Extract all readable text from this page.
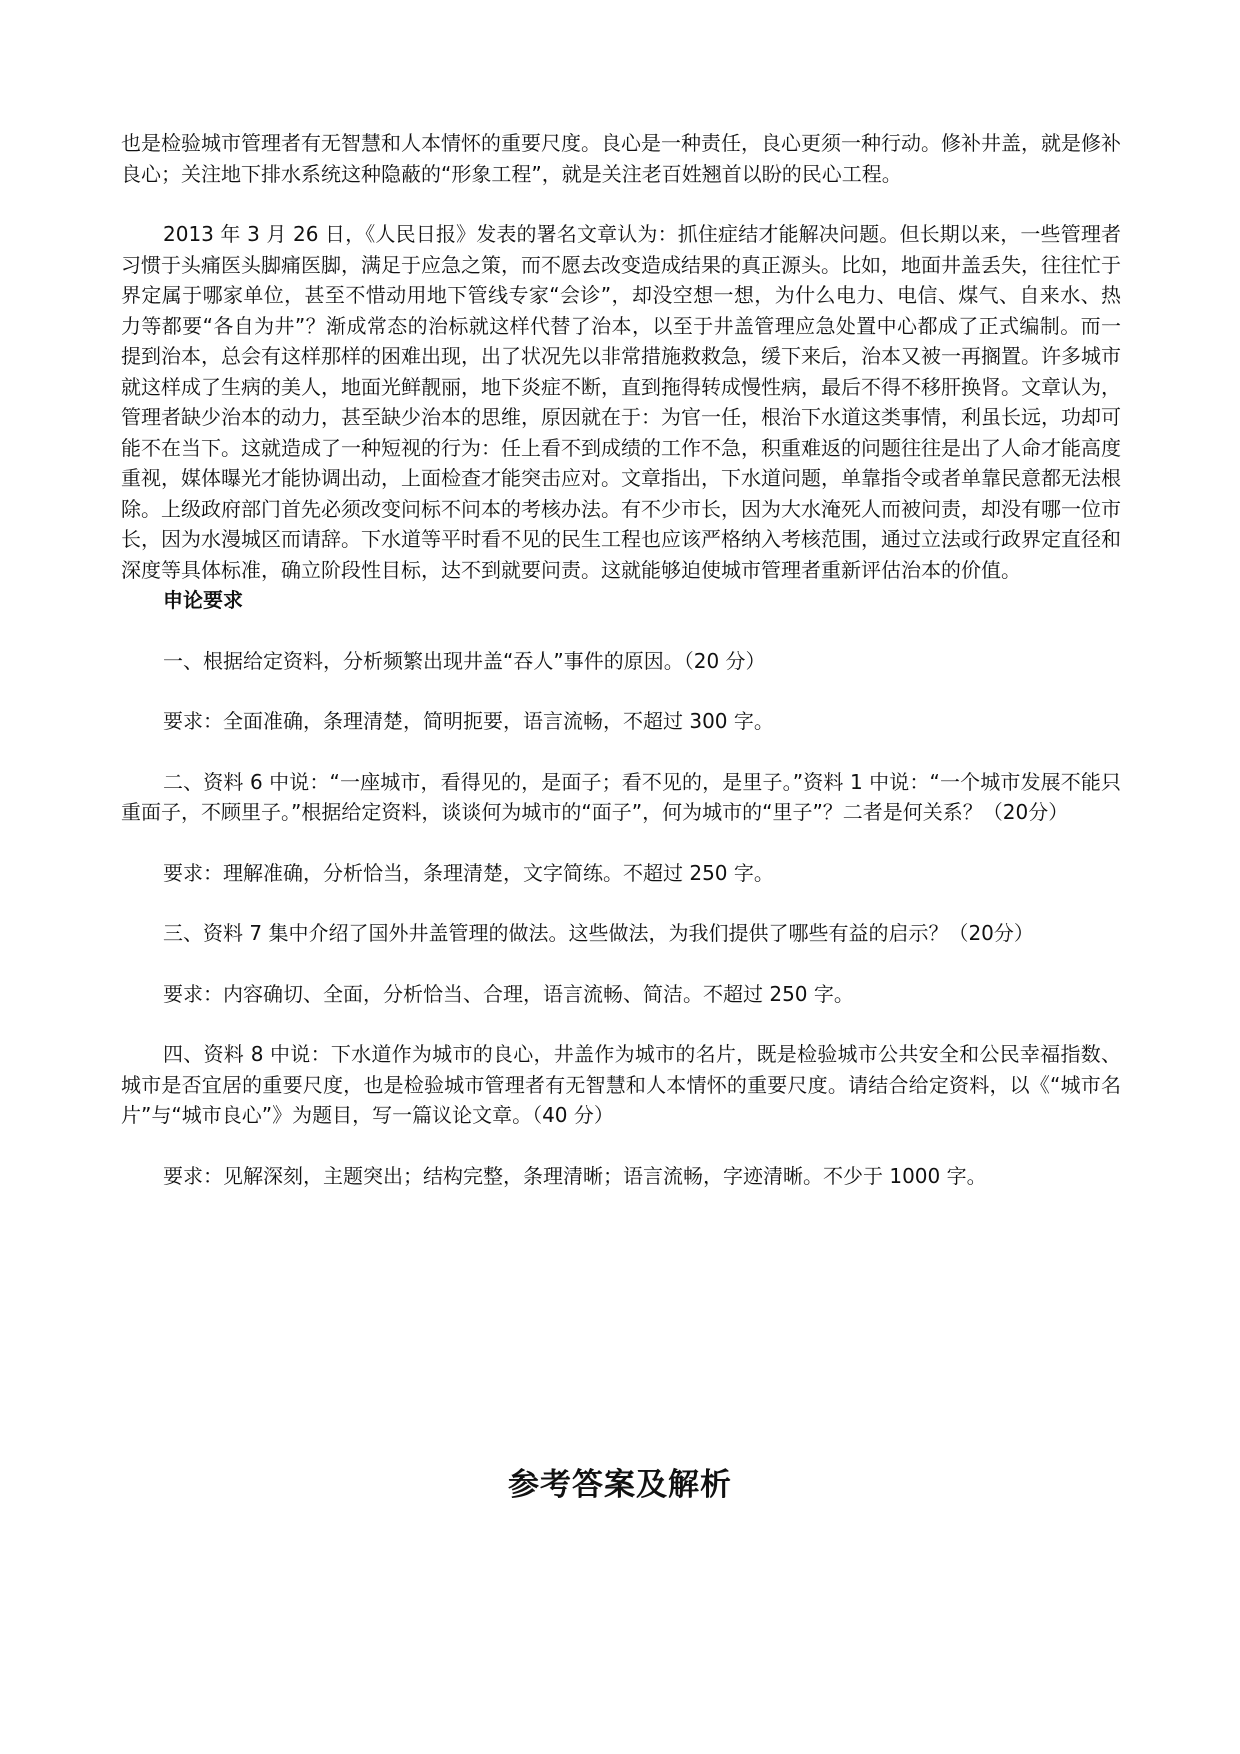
也是检验城市管理者有无智慧和人本情怀的重要尺度。良心是一种责任，良心更须一种行动。修补井盖，就是修补良心；关注地下排水系统这种隐蔽的“形象工程”，就是关注老百姓翘首以盼的民心工程。

2013 年 3 月 26 日，《人民日报》发表的署名文章认为：抓住症结才能解决问题。但长期以来，一些管理者习惯于头痛医头脚痛医脚，满足于应急之策，而不愿去改变造成结果的真正源头。比如，地面井盖丢失，往往忙于界定属于哪家单位，甚至不惜动用地下管线专家“会诊”，却没空想一想，为什么电力、电信、煤气、自来水、热力等都要“各自为井”？渐成常态的治标就这样代替了治本，以至于井盖管理应急处置中心都成了正式编制。而一提到治本，总会有这样那样的困难出现，出了状况先以非常措施救救急，缓下来后，治本又被一再搁置。许多城市就这样成了生病的美人，地面光鲜靓丽，地下炎症不断，直到拖得转成慢性病，最后不得不移肝换肾。文章认为，管理者缺少治本的动力，甚至缺少治本的思维，原因就在于：为官一任，根治下水道这类事情，利虽长远，功却可能不在当下。这就造成了一种短视的行为：任上看不到成绩的工作不急，积重难返的问题往往是出了人命才能高度重视，媒体曝光才能协调出动，上面检查才能突击应对。文章指出，下水道问题，单靠指令或者单靠民意都无法根除。上级政府部门首先必须改变问标不问本的考核办法。有不少市长，因为大水淹死人而被问责，却没有哪一位市长，因为水漫城区而请辞。下水道等平时看不见的民生工程也应该严格纳入考核范围，通过立法或行政界定直径和深度等具体标准，确立阶段性目标，达不到就要问责。这就能够迫使城市管理者重新评估治本的价值。

申论要求

一、根据给定资料，分析频繁出现井盖“吞人”事件的原因。（20 分）

要求：全面准确，条理清楚，简明扼要，语言流畅，不超过 300 字。

二、资料 6 中说：“一座城市，看得见的，是面子；看不见的，是里子。”资料 1 中说：“一个城市发展不能只重面子，不顾里子。”根据给定资料，谈谈何为城市的“面子”，何为城市的“里子”？二者是何关系？（20分）

要求：理解准确，分析恰当，条理清楚，文字简练。不超过 250 字。

三、资料 7 集中介绍了国外井盖管理的做法。这些做法，为我们提供了哪些有益的启示？（20分）

要求：内容确切、全面，分析恰当、合理，语言流畅、简洁。不超过 250 字。

四、资料 8 中说：下水道作为城市的良心，井盖作为城市的名片，既是检验城市公共安全和公民幸福指数、城市是否宜居的重要尺度，也是检验城市管理者有无智慧和人本情怀的重要尺度。请结合给定资料，以《“城市名片”与“城市良心”》为题目，写一篇议论文章。（40 分）

要求：见解深刻，主题突出；结构完整，条理清晰；语言流畅，字迹清晰。不少于 1000 字。

参考答案及解析
